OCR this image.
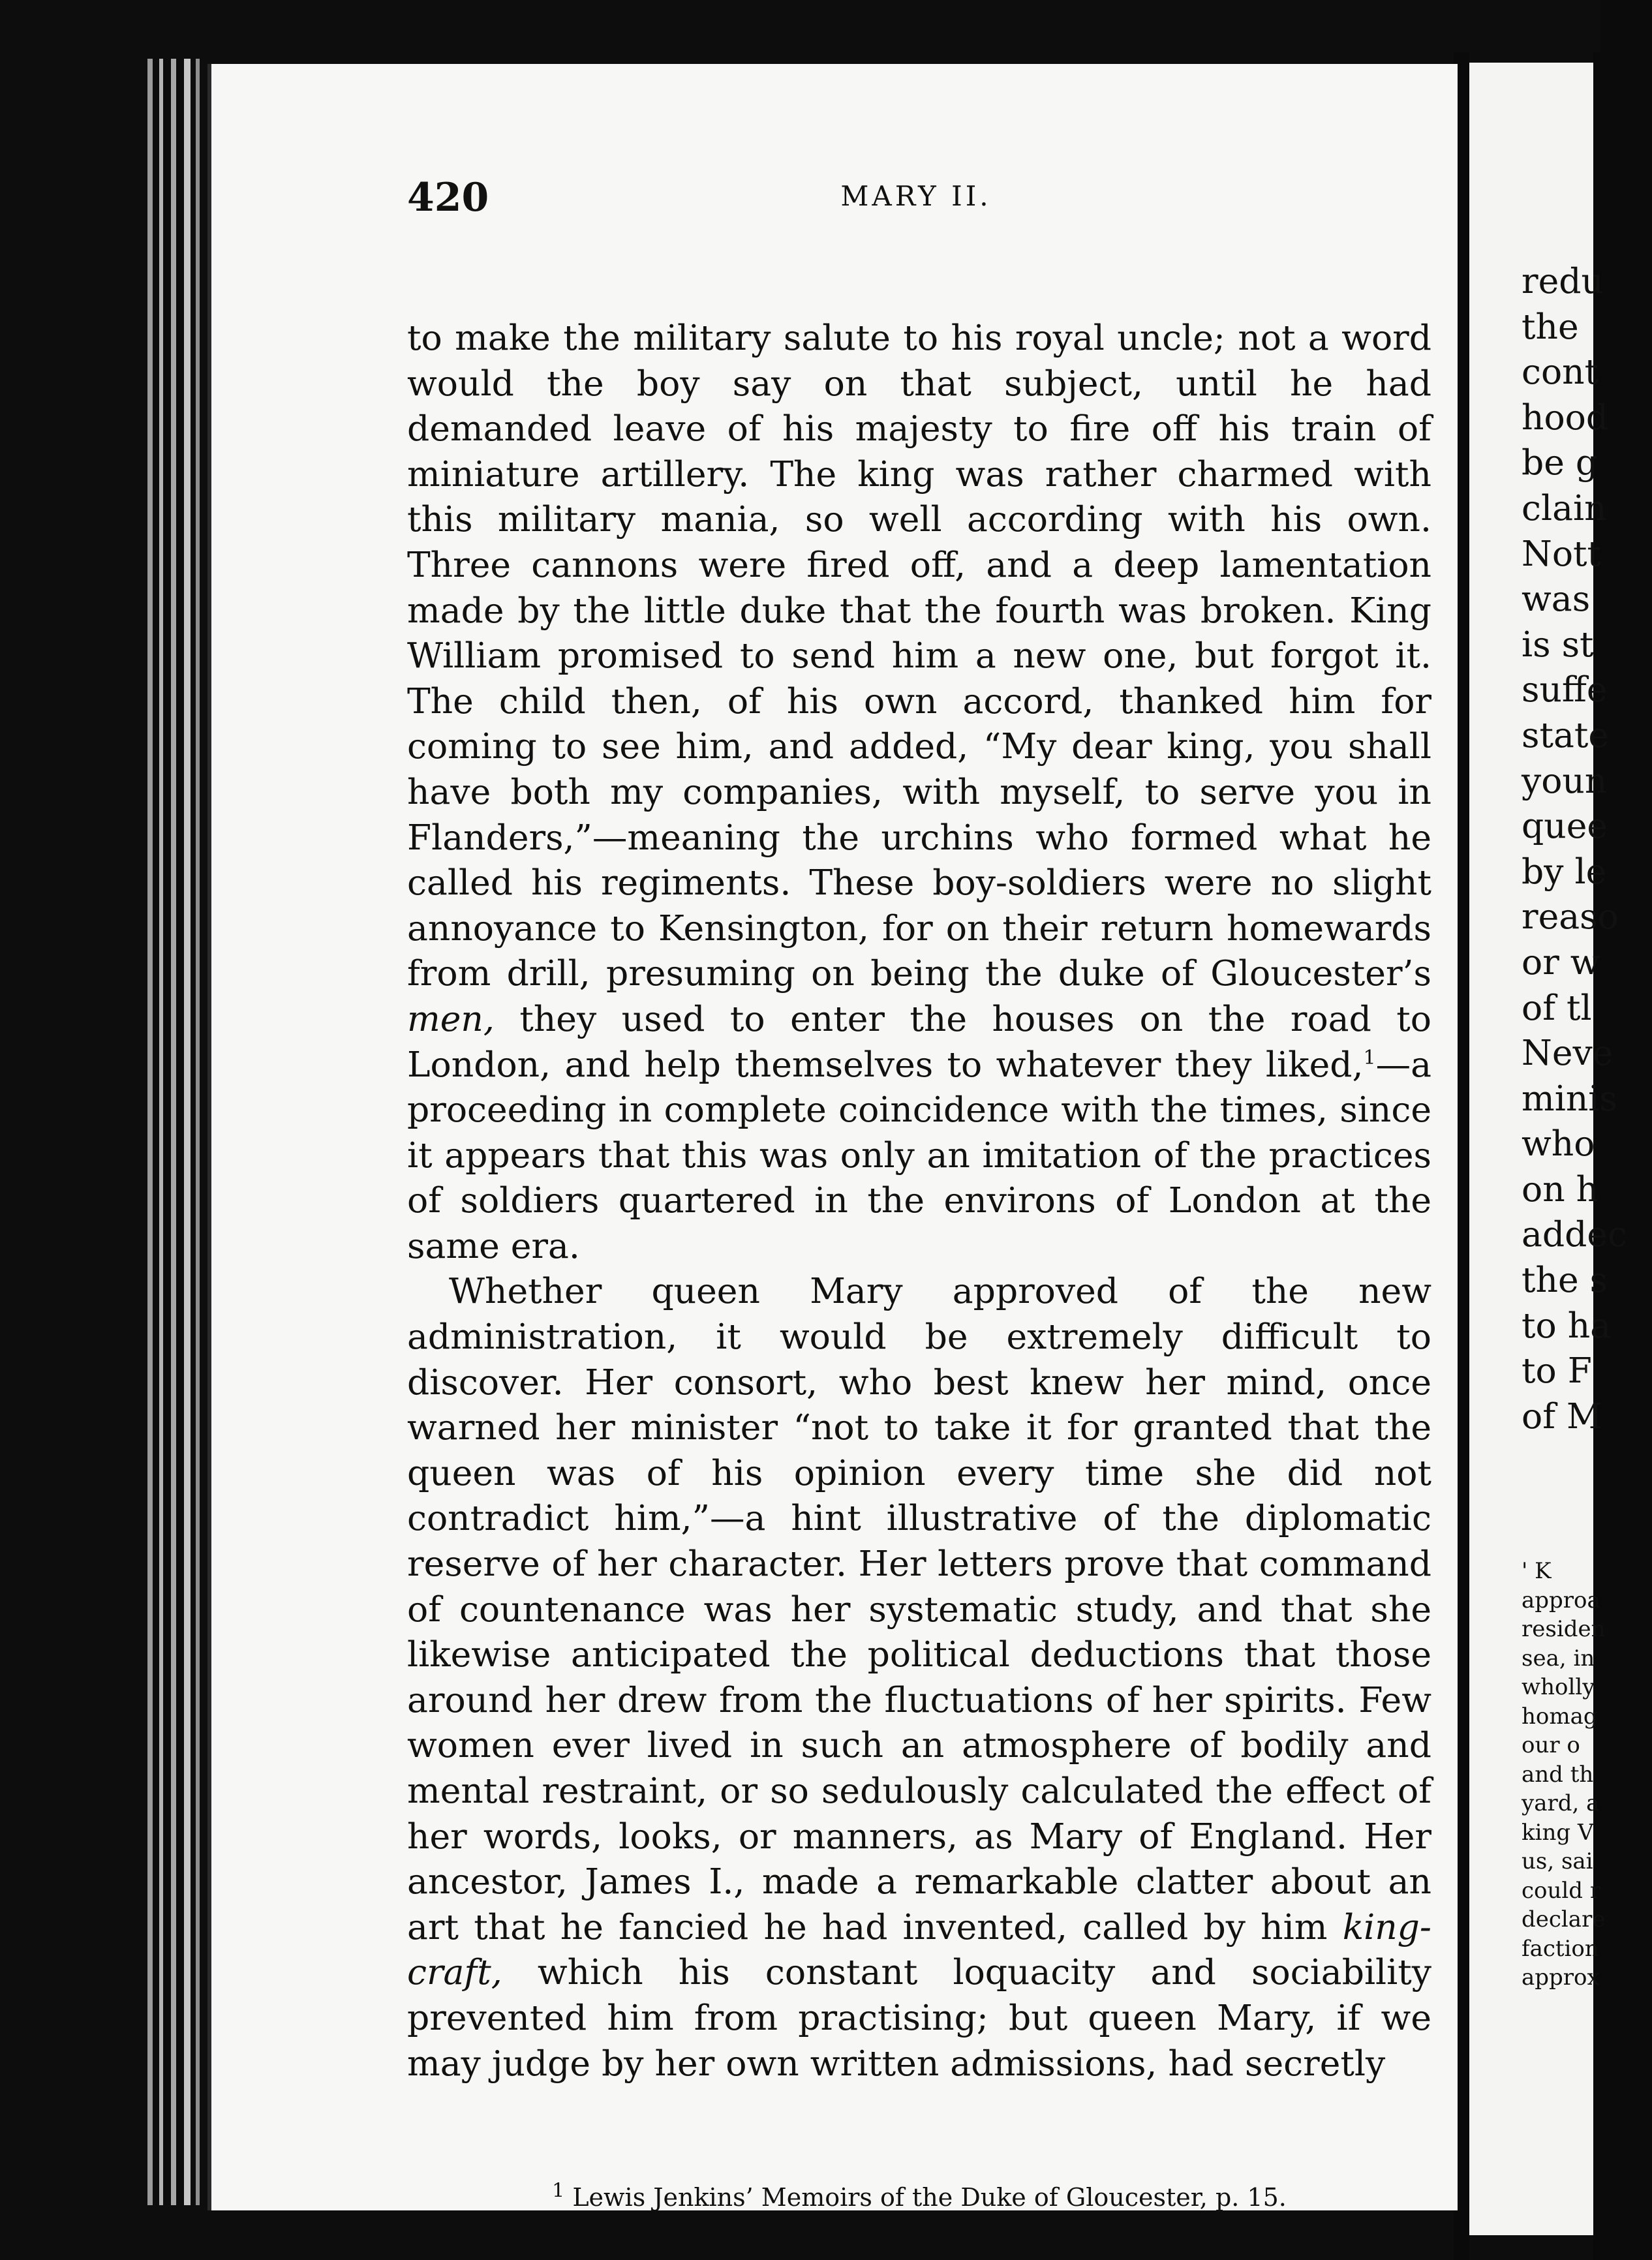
MARY II.
420

to make the military salute to his royal uncle; not a word would the boy say on that subject, until he had demanded leave of his majesty to fire off his train of miniature artillery. The king was rather charmed with this military mania, so well according with his own. Three cannons were fired off, and a deep lamentation made by the little duke that the fourth was broken. King William promised to send him a new one, but forgot it. The child then, of his own accord, thanked him for coming to see him, and added, “My dear king, you shall have both my companies, with myself, to serve you in Flanders,”—meaning the urchins who formed what he called his regiments. These boy-soldiers were no slight annoyance to Kensington, for on their return homewards from drill, presuming on being the duke of Gloucester’s men, they used to enter the houses on the road to London, and help themselves to whatever they liked,$^1$—a proceeding in complete coincidence with the times, since it appears that this was only an imitation of the practices of soldiers quartered in the environs of London at the same era.

Whether queen Mary approved of the new administration, it would be extremely difficult to discover. Her consort, who best knew her mind, once warned her minister “not to take it for granted that the queen was of his opinion every time she did not contradict him,”—a hint illustrative of the diplomatic reserve of her character. Her letters prove that command of countenance was her systematic study, and that she likewise anticipated the political deductions that those around her drew from the fluctuations of her spirits. Few women ever lived in such an atmosphere of bodily and mental restraint, or so sedulously calculated the effect of her words, looks, or manners, as Mary of England. Her ancestor, James I., made a remarkable clatter about an art that he fancied he had invented, called by him king-craft, which his constant loquacity and sociability prevented him from practising; but queen Mary, if we may judge by her own written admissions, had secretly

$^1$ Lewis Jenkins’ Memoirs of the Duke of Gloucester, p. 15.
redu
the
cont
hood
be g
clain
Nott
was
is st
suffe
state
youn
quee
by le
reaso
or w
of tl
Neve
minis
who
on h
addec
the s
to ha
to F
of M
' K
approa
residen
sea, in
wholly
homag
our o
and th
yard, a
king V
us, sai
could r
declare
faction
approx
